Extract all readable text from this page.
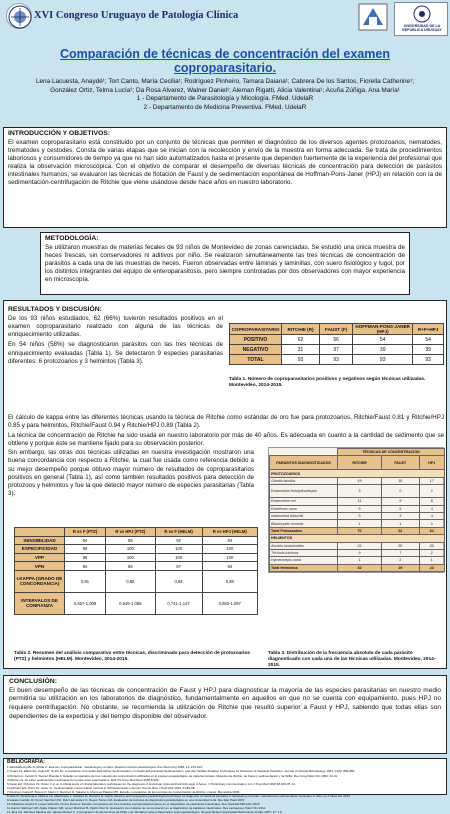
XVI Congreso Uruguayo de Patología Clínica
UNIVERSIDAD DE LA REPÚBLICA URUGUAY
Comparación de técnicas de concentración del examen
coproparasitario.
Lena Lacuesta, Anaydé¹; Tort Canto, María Cecilia¹; Rodríguez Pinheiro, Tamara Daiana¹; Cabrera De los Santos, Fiorella Catherine¹;
González Ortiz, Telma Lucía¹; Da Rosa Alvarez, Walner Daniel¹; Aleman Rigatti, Alicia Valentina¹; Acuña Zúñiga, Ana María¹
1 - Departamento de Parasitología y Micología. FMed. UdelaR
2 - Departamento de Medicina Preventiva. FMed. UdelaR
INTRODUCCIÓN Y OBJETIVOS:
El examen coproparasitario está constituido por un conjunto de técnicas que permiten el diagnóstico de los diversos agentes protozoarios, nematodes, trematodes y cestodes. Consta de varias etapas que se inician con la recolección y envío de la muestra en forma adecuada. Se trata de procedimientos laboriosos y consumidores de tiempo ya que no han sido automatizados hasta el presente que dependen fuertemente de la experiencia del profesional que realiza la observación microscópica. Con el objetivo de comparar el desempeño de diversas técnicas de concentración para detección de parásitos intestinales humanos, se evaluaron las técnicas de flotación de Faust y de sedimentación espontánea de Hoffman-Pons-Janer (HPJ) en relación con la de sedimentación-centrifugación de Ritchie que viene usándose desde hace años en nuestro laboratorio.
METODOLOGÍA:
Se utilizaron muestras de materias fecales de 93 niños de Montevideo de zonas carenciadas. Se estudió una única muestra de heces frescas, sin conservadores ni aditivos por niño. Se realizaron simultáneamente las tres técnicas de concentración de parásitos a cada una de las muestras de heces. Fueron observadas entre láminas y laminillas, con suero fisiológico y lugol, por los distintos integrantes del equipo de enteroparasitosis, pero siempre controladas por dos observadores con mayor experiencia en microscopía.
RESULTADOS Y DISCUSIÓN:
De los 93 niños estudiados, 62 (66%) tuvieron resultados positivos en el examen coproparasitario realizado con alguna de las técnicas de enriquecimiento utilizadas.
En 54 niños (58%) se diagnosticaron parásitos con las tres técnicas de enriquecimiento evaluadas (Tabla 1). Se detectaron 9 especies parasitarias diferentes: 6 protozoarios y 3 helmintos (Tabla 3).
COPROPARASITARIO	RITCHIE (R)	FAUST (F)	HOFFMAN-PONS-JANER (HPJ)	R+F+HPJ
POSITIVO	62	56	54	54
NEGATIVO	31	37	39	39
TOTAL	93	93	93	93
Tabla 1. Número de coproparasitarios positivos y negativos según técnicas utilizadas. Montevideo, 2014-2015.
El cálculo de kappa entre las diferentes técnicas usando la técnica de Ritchie como estándar de oro fue para protozoarios, Ritchie/Faust 0.81 y Ritchie/HPJ 0.85 y para helmintos, Ritchie/Faust 0.94 y Ritchie/HPJ 0.89 (Tabla 2).
La técnica de concentración de Ritchie ha sido usada en nuestro laboratorio por más de 40 años. Es adecuada en cuanto a la cantidad de sedimento que se obtiene y porque éste se mantiene fijado para su observación posterior.
Sin embargo, las otras dos técnicas utilizadas en nuestra investigación mostraron una buena concordancia con respecto a Ritchie, la cual fue usada como referencia debido a su mejor desempeño porque obtuvo mayor número de resultados de coproparasitarios positivos en general (Tabla 1), así como también resultados positivos para detección de protozoos y helmintos y fue la que detectó mayor número de especies parasitarias (Tabla 3).
	R vs F (PTZ)	R vs HPJ (PTZ)	R vs F (HELM)	R vs HPJ (HELM)
SENSIBILIDAD	84	85	92	84
ESPECIFICIDAD	96	100	100	100
VPP	96	100	100	100
VPN	84	86	97	94
I.KAPPA (GRADO DE CONCORDANCIA)	0,81	0,85	0,94	0,89
INTERVALOS DE CONFIANZA	0,657-1,008	0,549-1,055	0,741-1,147	0,683-1,097
Tabla 2. Resumen del análisis comparativo entre técnicas, discriminado para detección de protozoarios (PTZ) y helmintos (HELM). Montevideo, 2014-2015.
	TÉCNICAS DE CONCENTRACIÓN		
PARÁSITOS DIAGNOSTICADOS	RITCHIE	FAUST	HPJ
PROTOZOARIOS			
Giardia lamblia	19	15	17
Entamoeba histolytica/dispar	3	0	2
Entamoeba coli	11	9	8
Endolimax nana	9	5	4
Iodamoeba bütschlii	3	3	4
Blastocystis hominis	1	1	0
Total Protozoarios	70	62	64
HELMINTOS			
Ascaris lumbricoides	22	20	20
Trichuris trichiura	9	7	2
Hymenolepis nana	1	2	1
Total Helmintos	32	29	23
Tabla 3. Distribución de la frecuencia absoluta de cada parásito diagnosticado con cada una de las técnicas utilizadas. Montevideo, 2014-2015.
CONCLUSIÓN:
El buen desempeño de las técnicas de concentración de Faust y HPJ para diagnosticar la mayoría de las especies parasitarias en nuestro medio permitiría su utilización en los laboratorios de diagnóstico, fundamentalmente en aquellos en que no se cuenta con equipamiento, pues HPJ no requiere centrifugación. No obstante, se recomienda la utilización de Ritchie que resultó superior a Faust y HPJ, sabiendo que todas ellas son dependientes de la experticia y del tiempo disponible del observador.
BIBLIOGRAFÍA:
1.Salvatella Agrelo R, Eirale C. Examen coproparasitario. metodología y empleo. Revisión técnico-metodológica. Rev Med Urug 1996; 12: 215-223.
2.Truant AL, Elliott SH, Kelly MT, Smith JH. Comparison of formalin-Ethyl Ether Sedimentation, Formalin-Ethyl Acetate Sedimentation, and Zinc Sulfate Flotation Techniques for Detection of Intestinal Parasites. Journal of Clinical Microbiology 1981; 13(5): 882-884.
3.Pinheiro A, Cerutti O, Suarez Brandie F. Estudio comparativo de tres métodos de concentración utilizados en el examen parasitológico de materias fecales. Métodos de Ritchie, de Faust y sedimentación y de Willis. Rev Urug Patol Clin 1964; 30-31.
4.Ritchie LS. An ether sedimentation technique for routine stool examinations. Bull US Army Med Dept 1948;8:326.
5.Faust EC, D'Antoni JS, Odom V et al. A critical study of clinical laboratory techniques for the diagnosis of protozoan cysts and helminth eggs in feces. I. Preliminary communication. Am J Trop Med 1938;18:169-78. 11.
6.Hoffman WA, Pons JA, Janer JL. Sedimentation-concentration method in Schistosomiasis mansoni. Puerto Rico J Publ Hlth 1934; 9:283-98.
7.Restrepo Isaza M, Botero D, Marín F, Ramírez R, Salazar A, Montoya Palacio MN. Estudio comparativo de las técnicas de concentración de Ritchie y Faust. Biomédica 2006.
8.Tello R, Terashima A, Marcos LA, Machicado J, Canales M, Gotuzzo E. Highly effective and inexpensive parasitological technique for diagnosis of intestinal parasites in developing countries: spontaneous sedimentation technique in tube. Int J Infect Dis 2012.
9.Garate Gordillo JF, Perez Sanchez RO, Ruiz Hernandez O, Reyes Torres GR. Evaluación de técnicas de diagnóstico parasitológico en una comunidad rural. Rev Esp Patol 2007.
10.Villalobos-Garcia D, López-Vela MA, Frutos Rosa G. Estudio comparativo de tres métodos coproparasitoscópicos en el diagnóstico de parasitosis intestinales. Rev Sanidad Milit Mex 2015.
11.Aquino Martínez HR, Ayala Chávez GB, López Martínez B, Patiño Díaz E. Evaluación de métodos de concentración en el diagnóstico de parásitos intestinales. Rev Latinoamer Patol Clin 2012.
12.Jara CA, Sánchez Medina CA, Zárate Alvarez C. Comparación de las técnicas de Willis y de Sheather para el diagnóstico coproparasitológico. Revista Rebiol Universidad Nacional de Trujillo 2007; 27: 1-6.
